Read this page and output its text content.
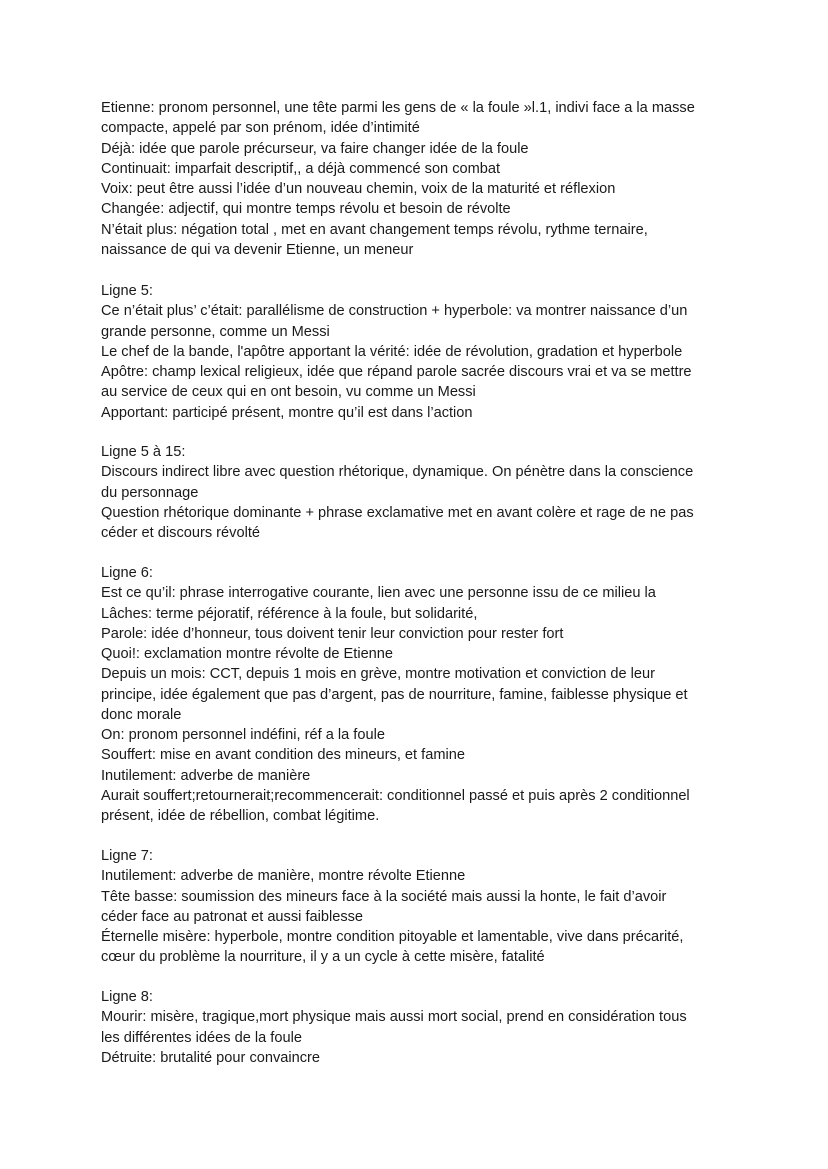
Etienne: pronom personnel, une tête parmi les gens de « la foule »l.1, indivi face a la masse
compacte, appelé par son prénom, idée d’intimité
Déjà: idée que parole précurseur, va faire changer idée de la foule
Continuait: imparfait descriptif,, a déjà commencé son combat
Voix: peut être aussi l’idée d’un nouveau chemin, voix de la maturité et réflexion
Changée: adjectif, qui montre temps révolu et besoin de révolte
N’était plus: négation total , met en avant changement temps révolu, rythme ternaire,
naissance de qui va devenir Etienne, un meneur
Ligne 5:
Ce n’était plus’ c’était: parallélisme de construction + hyperbole: va montrer naissance d’un
grande personne, comme un Messi
Le chef de la bande, l'apôtre apportant la vérité: idée de révolution, gradation et hyperbole
Apôtre: champ lexical religieux, idée que répand parole sacrée discours vrai et va se mettre
au service de ceux qui en ont besoin, vu comme un Messi
Apportant: participé présent, montre qu’il est dans l’action
Ligne 5 à 15:
Discours indirect libre avec question rhétorique, dynamique. On pénètre dans la conscience
du personnage
Question rhétorique dominante + phrase exclamative met en avant colère et rage de ne pas
céder et discours révolté
Ligne 6:
Est ce qu’il: phrase interrogative courante, lien avec une personne issu de ce milieu la
Lâches: terme péjoratif, référence à la foule, but solidarité,
Parole: idée d’honneur, tous doivent tenir leur conviction pour rester fort
Quoi!: exclamation montre révolte de Etienne
Depuis un mois: CCT, depuis 1 mois en grève, montre motivation et conviction de leur
principe, idée également que pas d’argent, pas de nourriture, famine, faiblesse physique et
donc morale
On: pronom personnel indéfini, réf a la foule
Souffert: mise en avant condition des mineurs, et famine
Inutilement: adverbe de manière
Aurait souffert;retournerait;recommencerait: conditionnel passé et puis après 2 conditionnel
présent, idée de rébellion, combat légitime.
Ligne 7:
Inutilement: adverbe de manière, montre révolte Etienne
Tête basse: soumission des mineurs face à la société mais aussi la honte, le fait d’avoir
céder face au patronat et aussi faiblesse
Éternelle misère: hyperbole, montre condition pitoyable et lamentable, vive dans précarité,
cœur du problème la nourriture, il y a un cycle à cette misère, fatalité
Ligne 8:
Mourir: misère, tragique,mort physique mais aussi mort social, prend en considération tous
les différentes idées de la foule
Détruite: brutalité pour convaincre
